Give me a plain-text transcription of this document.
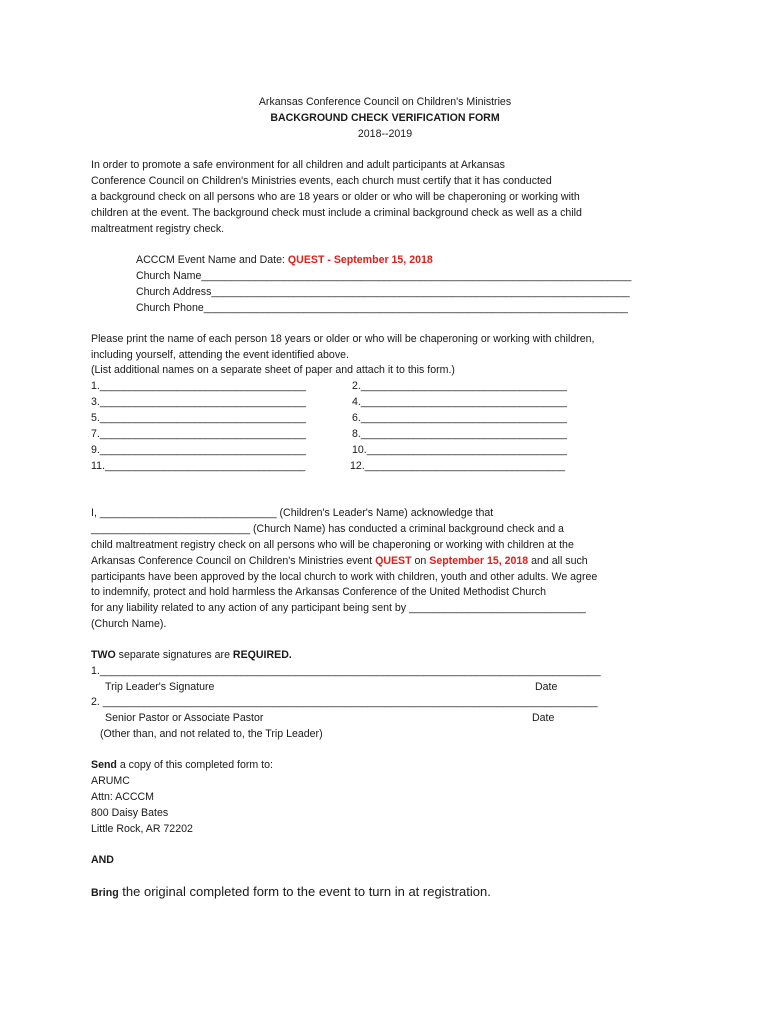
Arkansas Conference Council on Children's Ministries
BACKGROUND CHECK VERIFICATION FORM
2018--2019
In order to promote a safe environment for all children and adult participants at Arkansas
Conference Council on Children's Ministries events, each church must certify that it has conducted
a background check on all persons who are 18 years or older or who will be chaperoning or working with
children at the event. The background check must include a criminal background check as well as a child
maltreatment registry check.
ACCCM Event Name and Date: QUEST - September 15, 2018
Church Name_________________________________________________________________________
Church Address_______________________________________________________________________
Church Phone________________________________________________________________________
Please print the name of each person 18 years or older or who will be chaperoning or working with children,
including yourself, attending the event identified above.
(List additional names on a separate sheet of paper and attach it to this form.)
1.___________________________________	2.___________________________________
3.___________________________________	4.___________________________________
5.___________________________________	6.___________________________________
7.___________________________________	8.___________________________________
9.___________________________________	10.__________________________________
11.__________________________________	12.__________________________________
I, ______________________________ (Children's Leader's Name) acknowledge that
___________________________ (Church Name) has conducted a criminal background check and a
child maltreatment registry check on all persons who will be chaperoning or working with children at the
Arkansas Conference Council on Children's Ministries event QUEST on September 15, 2018 and all such
participants have been approved by the local church to work with children, youth and other adults. We agree
to indemnify, protect and hold harmless the Arkansas Conference of the United Methodist Church
for any liability related to any action of any participant being sent by ______________________________
(Church Name).
TWO separate signatures are REQUIRED.
1._____________________________________________________________________________________
Trip Leader's Signature	Date
2. ____________________________________________________________________________________
Senior Pastor or Associate Pastor	Date
(Other than, and not related to, the Trip Leader)
Send a copy of this completed form to:
ARUMC
Attn: ACCCM
800 Daisy Bates
Little Rock, AR 72202
AND
Bring the original completed form to the event to turn in at registration.
